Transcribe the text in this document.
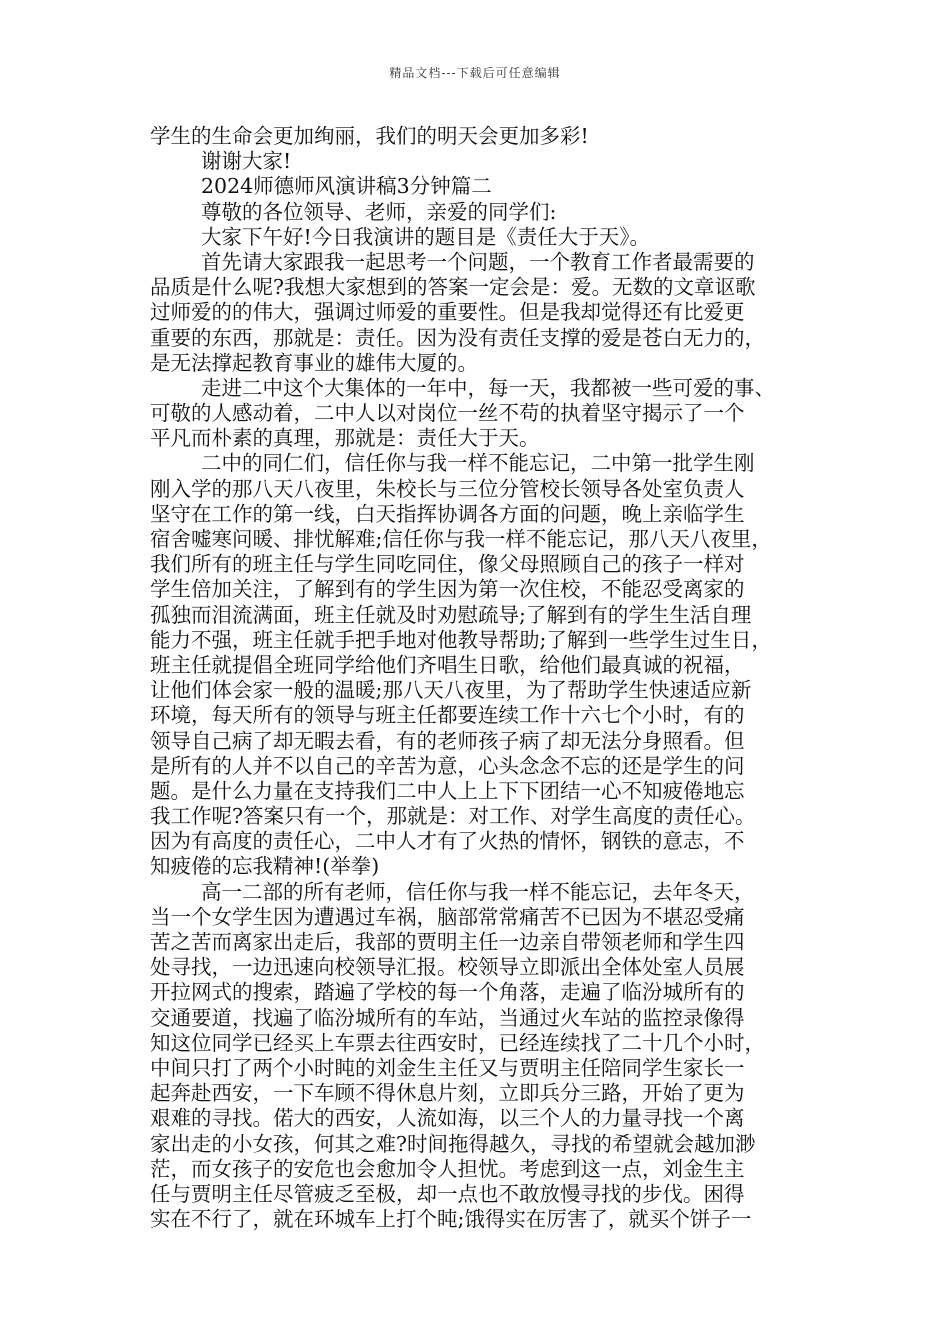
精品文档---下载后可任意编辑
学生的生命会更加绚丽，我们的明天会更加多彩!
谢谢大家!
2024师德师风演讲稿3分钟篇二
尊敬的各位领导、老师，亲爱的同学们:
大家下午好!今日我演讲的题目是《责任大于天》。
首先请大家跟我一起思考一个问题，一个教育工作者最需要的
品质是什么呢?我想大家想到的答案一定会是：爱。无数的文章讴歌
过师爱的的伟大，强调过师爱的重要性。但是我却觉得还有比爱更
重要的东西，那就是：责任。因为没有责任支撑的爱是苍白无力的，
是无法撑起教育事业的雄伟大厦的。
走进二中这个大集体的一年中，每一天，我都被一些可爱的事、
可敬的人感动着，二中人以对岗位一丝不苟的执着坚守揭示了一个
平凡而朴素的真理，那就是：责任大于天。
二中的同仁们，信任你与我一样不能忘记，二中第一批学生刚
刚入学的那八天八夜里，朱校长与三位分管校长领导各处室负责人
坚守在工作的第一线，白天指挥协调各方面的问题，晚上亲临学生
宿舍嘘寒问暖、排忧解难;信任你与我一样不能忘记，那八天八夜里，
我们所有的班主任与学生同吃同住，像父母照顾自己的孩子一样对
学生倍加关注，了解到有的学生因为第一次住校，不能忍受离家的
孤独而泪流满面，班主任就及时劝慰疏导;了解到有的学生生活自理
能力不强，班主任就手把手地对他教导帮助;了解到一些学生过生日，
班主任就提倡全班同学给他们齐唱生日歌，给他们最真诚的祝福，
让他们体会家一般的温暖;那八天八夜里，为了帮助学生快速适应新
环境，每天所有的领导与班主任都要连续工作十六七个小时，有的
领导自己病了却无暇去看，有的老师孩子病了却无法分身照看。但
是所有的人并不以自己的辛苦为意，心头念念不忘的还是学生的问
题。是什么力量在支持我们二中人上上下下团结一心不知疲倦地忘
我工作呢?答案只有一个，那就是：对工作、对学生高度的责任心。
因为有高度的责任心，二中人才有了火热的情怀，钢铁的意志，不
知疲倦的忘我精神!(举拳)
高一二部的所有老师，信任你与我一样不能忘记，去年冬天，
当一个女学生因为遭遇过车祸，脑部常常痛苦不已因为不堪忍受痛
苦之苦而离家出走后，我部的贾明主任一边亲自带领老师和学生四
处寻找，一边迅速向校领导汇报。校领导立即派出全体处室人员展
开拉网式的搜索，踏遍了学校的每一个角落，走遍了临汾城所有的
交通要道，找遍了临汾城所有的车站，当通过火车站的监控录像得
知这位同学已经买上车票去往西安时，已经连续找了二十几个小时，
中间只打了两个小时盹的刘金生主任又与贾明主任陪同学生家长一
起奔赴西安，一下车顾不得休息片刻，立即兵分三路，开始了更为
艰难的寻找。偌大的西安，人流如海，以三个人的力量寻找一个离
家出走的小女孩，何其之难?时间拖得越久，寻找的希望就会越加渺
茫，而女孩子的安危也会愈加令人担忧。考虑到这一点，刘金生主
任与贾明主任尽管疲乏至极，却一点也不敢放慢寻找的步伐。困得
实在不行了，就在环城车上打个盹;饿得实在厉害了，就买个饼子一
